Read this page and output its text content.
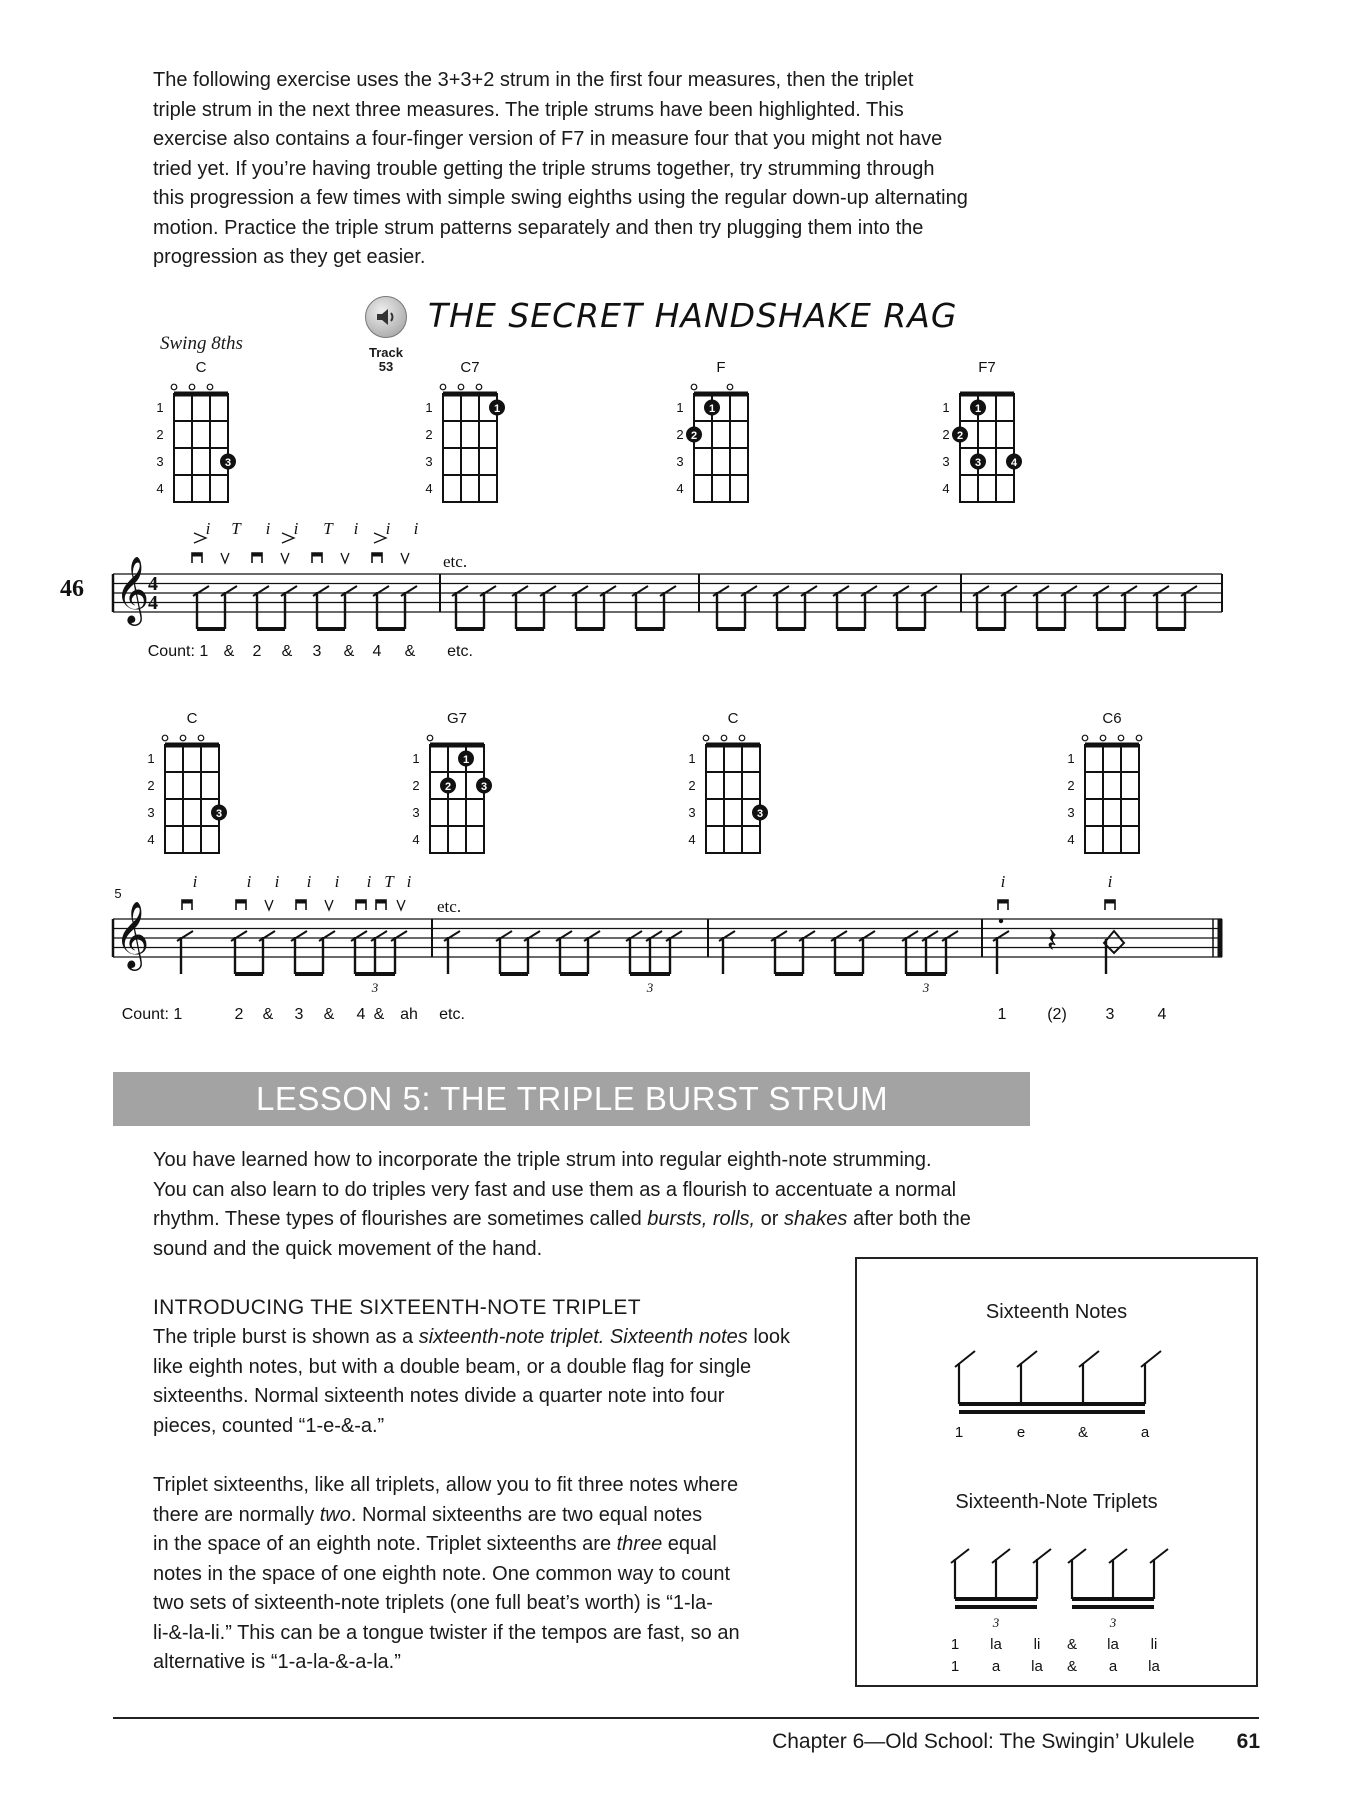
The following exercise uses the 3+3+2 strum in the first four measures, then the triplet
triple strum in the next three measures. The triple strums have been highlighted. This
exercise also contains a four-finger version of F7 in measure four that you might not have
tried yet. If you’re having trouble getting the triple strums together, try strumming through
this progression a few times with simple swing eighths using the regular down-up alternating
motion. Practice the triple strum patterns separately and then try plugging them into the
progression as they get easier.
Track
53
THE SECRET HANDSHAKE RAG
Swing 8ths
C
1
2
3
4
3
C7
1
2
3
4
1
F
1
2
3
4
1
2
F7
1
2
3
4
1
2
3	4
C
1
2
3
4
3
G7
1
2
3
4
1
2	3
C
1
2
3
4
3
C6
1
2
3
4
46 𝄞
4
4
i T i i T i i i
etc.
Count: 1 & 2 & 3 & 4 & etc.
5
𝄞
3	3	3
𝄽
i	i i i i i T i	i	i
etc.
Count: 1	2 & 3 & 4 & ah etc.	1	(2) 3	4
LESSON 5: THE TRIPLE BURST STRUM
You have learned how to incorporate the triple strum into regular eighth-note strumming.
You can also learn to do triples very fast and use them as a flourish to accentuate a normal
rhythm. These types of flourishes are sometimes called bursts, rolls, or shakes after both the
sound and the quick movement of the hand.
INTRODUCING THE SIXTEENTH-NOTE TRIPLET
The triple burst is shown as a sixteenth-note triplet. Sixteenth notes look
like eighth notes, but with a double beam, or a double flag for single
sixteenths. Normal sixteenth notes divide a quarter note into four
pieces, counted “1-e-&-a.”
Triplet sixteenths, like all triplets, allow you to fit three notes where
there are normally two. Normal sixteenths are two equal notes
in the space of an eighth note. Triplet sixteenths are three equal
notes in the space of one eighth note. One common way to count
two sets of sixteenth-note triplets (one full beat’s worth) is “1-la-
li-&-la-li.” This can be a tongue twister if the tempos are fast, so an
alternative is “1-a-la-&-a-la.”
Sixteenth Notes
Sixteenth-Note Triplets
1	e	&	a
3	3
1 la li & la li
1 a la & a la
Chapter 6—Old School: The Swingin’ Ukulele 61
